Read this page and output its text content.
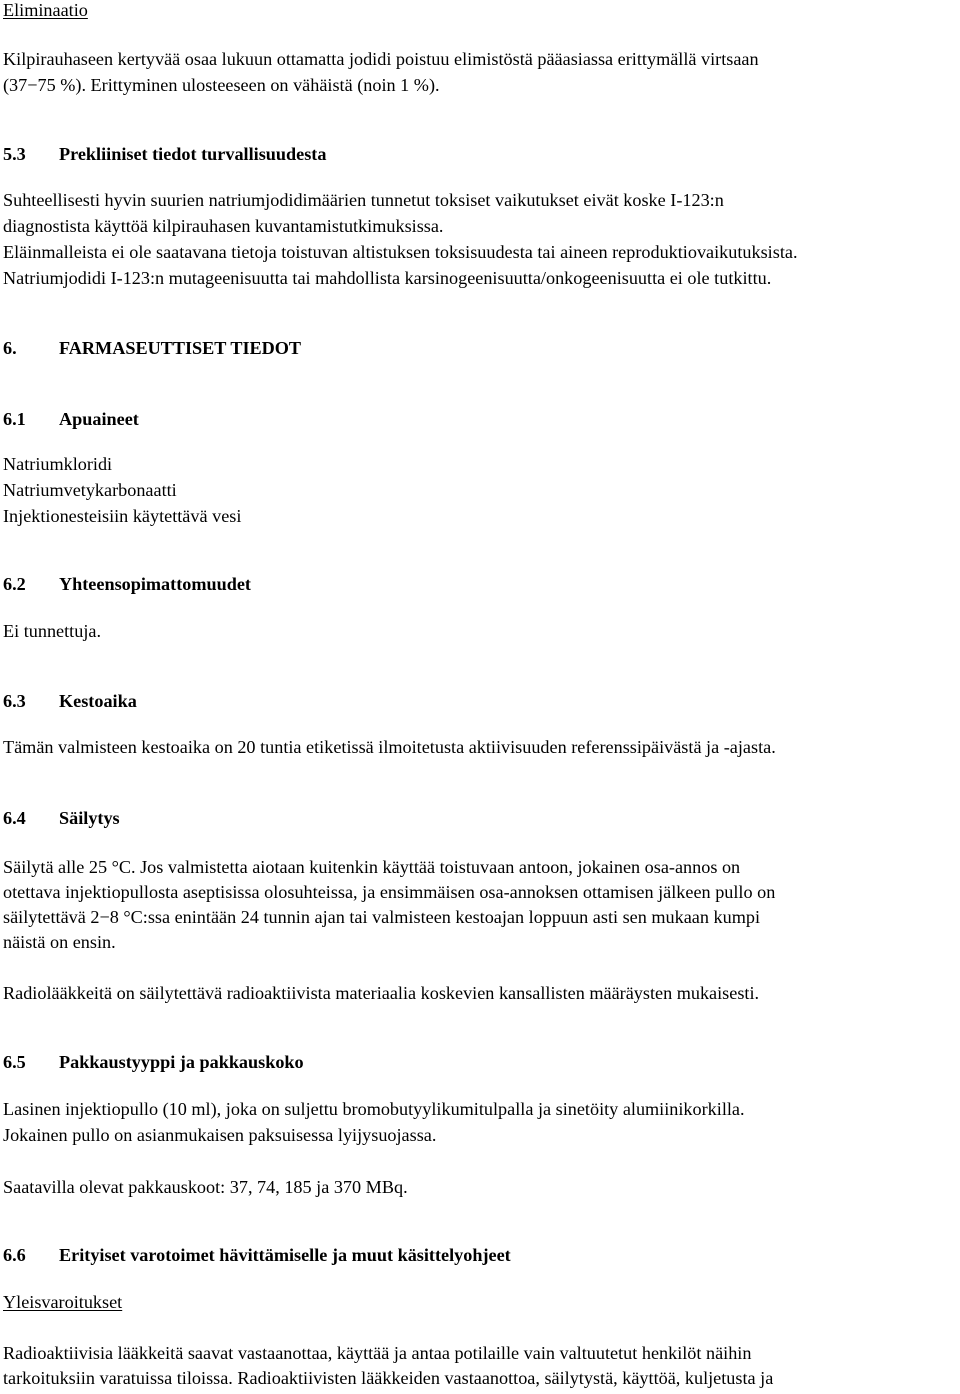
Eliminaatio
Kilpirauhaseen kertyvää osaa lukuun ottamatta jodidi poistuu elimistöstä pääasiassa erittymällä virtsaan
(37−75 %). Erittyminen ulosteeseen on vähäistä (noin 1 %).
5.3 Prekliiniset tiedot turvallisuudesta
Suhteellisesti hyvin suurien natriumjodidimäärien tunnetut toksiset vaikutukset eivät koske I-123:n
diagnostista käyttöä kilpirauhasen kuvantamistutkimuksissa.
Eläinmalleista ei ole saatavana tietoja toistuvan altistuksen toksisuudesta tai aineen reproduktiovaikutuksista.
Natriumjodidi I-123:n mutageenisuutta tai mahdollista karsinogeenisuutta/onkogeenisuutta ei ole tutkittu.
6. FARMASEUTTISET TIEDOT
6.1 Apuaineet
Natriumkloridi
Natriumvetykarbonaatti
Injektionesteisiin käytettävä vesi
6.2 Yhteensopimattomuudet
Ei tunnettuja.
6.3 Kestoaika
Tämän valmisteen kestoaika on 20 tuntia etiketissä ilmoitetusta aktiivisuuden referenssipäivästä ja -ajasta.
6.4 Säilytys
Säilytä alle 25 °C. Jos valmistetta aiotaan kuitenkin käyttää toistuvaan antoon, jokainen osa-annos on
otettava injektiopullosta aseptisissa olosuhteissa, ja ensimmäisen osa-annoksen ottamisen jälkeen pullo on
säilytettävä 2−8 °C:ssa enintään 24 tunnin ajan tai valmisteen kestoajan loppuun asti sen mukaan kumpi
näistä on ensin.
Radiolääkkeitä on säilytettävä radioaktiivista materiaalia koskevien kansallisten määräysten mukaisesti.
6.5 Pakkaustyyppi ja pakkauskoko
Lasinen injektiopullo (10 ml), joka on suljettu bromobutyylikumitulpalla ja sinetöity alumiinikorkilla.
Jokainen pullo on asianmukaisen paksuisessa lyijysuojassa.
Saatavilla olevat pakkauskoot: 37, 74, 185 ja 370 MBq.
6.6 Erityiset varotoimet hävittämiselle ja muut käsittelyohjeet
Yleisvaroitukset
Radioaktiivisia lääkkeitä saavat vastaanottaa, käyttää ja antaa potilaille vain valtuutetut henkilöt näihin
tarkoituksiin varatuissa tiloissa. Radioaktiivisten lääkkeiden vastaanottoa, säilytystä, käyttöä, kuljetusta ja
